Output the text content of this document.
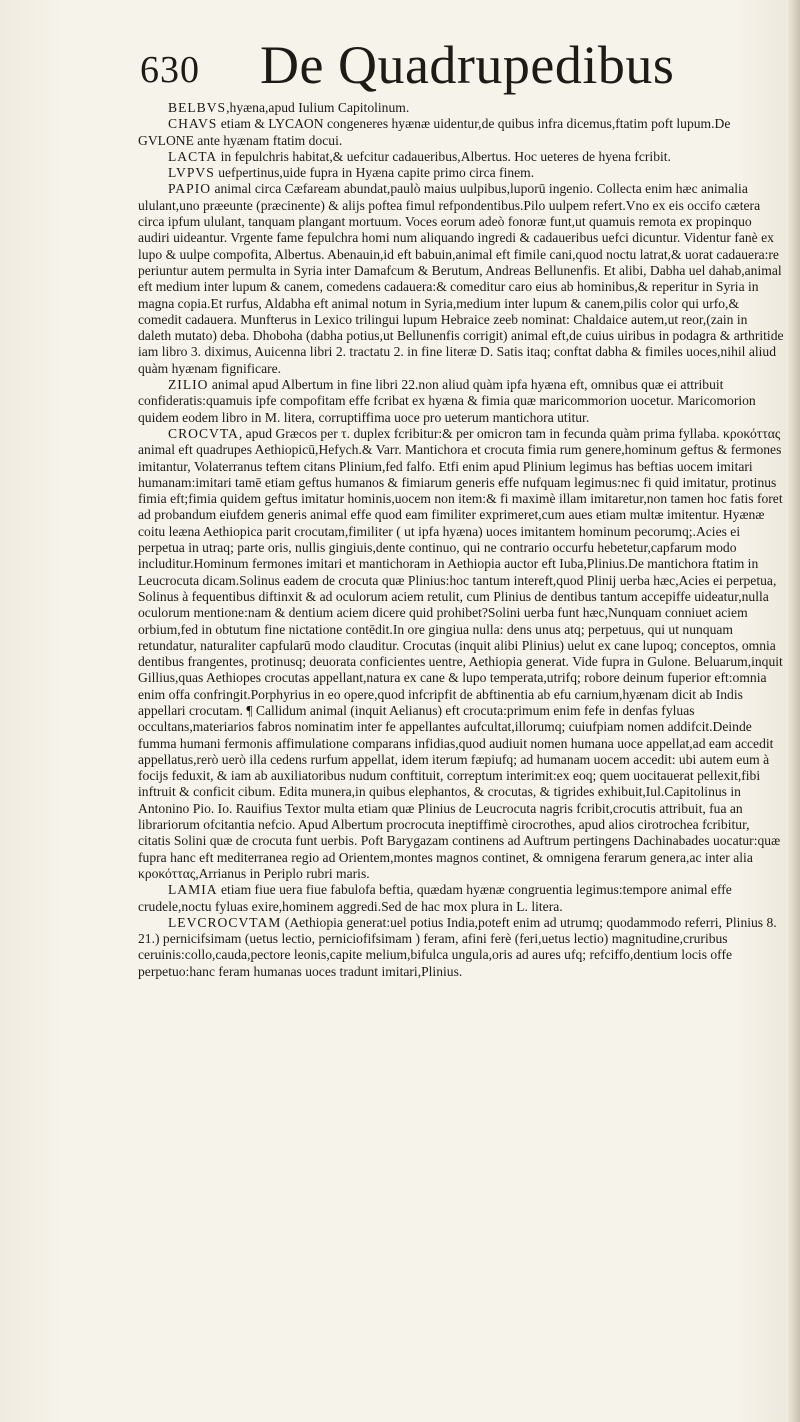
630 De Quadrupedibus

BELBVS,hyæna,apud Iulium Capitolinum.

CHAVS etiam & LYCAON congeneres hyænæ uidentur,de quibus infra dicemus,ftatim poft lupum.De GVLONE ante hyænam ftatim docui.

LACTA in fepulchris habitat,& uefcitur cadaueribus,Albertus. Hoc ueteres de hyena fcribit.

LVPVS uefpertinus,uide fupra in Hyæna capite primo circa finem.

PAPIO animal circa Cæfaream abundat,paulò maius uulpibus,luporū ingenio. Collecta enim hæc animalia ululant,uno præeunte (præcinente) & alijs poftea fimul refpondentibus.Pilo uulpem refert.Vno ex eis occifo cætera circa ipfum ululant, tanquam plangant mortuum. Voces eorum adeò fonoræ funt,ut quamuis remota ex propinquo audiri uideantur. Vrgente fame fepulchra homi num aliquando ingredi & cadaueribus uefci dicuntur. Videntur fanè ex lupo & uulpe compofita, Albertus. Abenauin,id eft babuin,animal eft fimile cani,quod noctu latrat,& uorat cadauera:re periuntur autem permulta in Syria inter Damafcum & Berutum, Andreas Bellunenfis. Et alibi, Dabha uel dahab,animal eft medium inter lupum & canem, comedens cadauera:& comeditur carо eius ab hominibus,& reperitur in Syria in magna copia.Et rurfus, Aldabha eft animal notum in Syria,medium inter lupum & canem,pilis color qui urfo,& comedit cadauera. Munfterus in Lexico trilingui lupum Hebraice zeeb nominat: Chaldaice autem,ut reor,(zain in daleth mutato) deba. Dhoboha (dabha potius,ut Bellunenfis corrigit) animal eft,de cuius uiribus in podagra & arthritide iam libro 3. diximus, Auicenna libri 2. tractatu 2. in fine literæ D. Satis itaq; conftat dabha & fimiles uoces,nihil aliud quàm hyænam fignificare.

ZILIO animal apud Albertum in fine libri 22.non aliud quàm ipfa hyæna eft, omnibus quæ ei attribuit confideratis:quamuis ipfe compofitam effe fcribat ex hyæna & fimia quæ maricommorion uocetur. Maricomorion quidem eodem libro in M. litera, corruptiffima uoce pro ueterum mantichora utitur.

CROCVTA, apud Græcos per τ. duplex fcribitur:& per omicron tam in fecunda quàm prima fyllaba. κροκόττας animal eft quadrupes Aethiopicū,Hefych.& Varr. Mantichora et crocuta fimia rum genere,hominum geftus & fermones imitantur, Volaterranus teftem citans Plinium,fed falfo. Etfi enim apud Plinium legimus has beftias uocem imitari humanam:imitari tamē etiam geftus humanos & fimiarum generis effe nufquam legimus:nec fi quid imitatur, protinus fimia eft;fimia quidem geftus imitatur hominis,uocem non item:& fi maximè illam imitaretur,non tamen hoc fatis foret ad probandum eiufdem generis animal effe quod eam fimiliter exprimeret,cum aues etiam multæ imitentur. Hyænæ coitu leæna Aethiopica parit crocutam,fimiliter ( ut ipfa hyæna) uoces imitantem hominum pecorumq;.Acies ei perpetua in utraq; parte oris, nullis gingiuis,dente continuo, qui ne contrario occurfu hebetetur,capfarum modo includitur.Hominum fermones imitari et mantichoram in Aethiopia auctor eft Iuba,Plinius.De mantichora ftatim in Leucrocuta dicam.Solinus eadem de crocuta quæ Plinius:hoc tantum intereft,quod Plinij uerba hæc,Acies ei perpetua, Solinus à fequentibus diftinxit & ad oculorum aciem retulit, cum Plinius de dentibus tantum accepiffe uideatur,nulla oculorum mentione:nam & dentium aciem dicere quid prohibet?Solini uerba funt hæc,Nunquam conniuet aciem orbium,fed in obtutum fine nictatione contēdit.In ore gingiua nulla: dens unus atq; perpetuus, qui ut nunquam retundatur, naturaliter capfularū modo clauditur. Crocutas (inquit alibi Plinius) uelut ex cane lupoq; conceptos, omnia dentibus frangentes, protinusq; deuorata conficientes uentre, Aethiopia generat. Vide fupra in Gulone. Beluarum,inquit Gillius,quas Aethiopes crocutas appellant,natura ex cane & lupo temperata,utrifq; robore deinum fuperior eft:omnia enim offa confringit.Porphyrius in eo opere,quod infcripfit de abftinentia ab efu carnium,hyænam dicit ab Indis appellari crocutam. ¶ Callidum animal (inquit Aelianus) eft crocuta:primum enim fefe in denfas fyluas occultans,materiarios fabros nominatim inter fe appellantes aufcultat,illorumq; cuiufpiam nomen addifcit.Deinde fumma humani fermonis affimulatione comparans infidias,quod audiuit nomen humana uoce appellat,ad eam accedit appellatus,rerò uerò illa cedens rurfum appellat, idem iterum fæpiufq; ad humanam uocem accedit: ubi autem eum à focijs feduxit, & iam ab auxiliatoribus nudum conftituit, correptum interimit:ex eoq; quem uocitauerat pellexit,fibi inftruit & conficit cibum. Edita munera,in quibus elephantos, & crocutas, & tigrides exhibuit,Iul.Capitolinus in Antonino Pio. Io. Rauifius Textor multa etiam quæ Plinius de Leucrocuta nagris fcribit,crocutis attribuit, fua an librariorum ofcitantia nefcio. Apud Albertum procrocuta ineptiffimè cirocrothes, apud alios cirotrochea fcribitur, citatis Solini quæ de crocuta funt uerbis. Poft Barygazam continens ad Auftrum pertingens Dachinabades uocatur:quæ fupra hanc eft mediterranea regio ad Orientem,montes magnos continet, & omnigena ferarum genera,ac inter alia κροκόττας,Arrianus in Periplo rubri maris.

LAMIA etiam fiue uera fiue fabulofa beftia, quædam hyænæ congruentia legimus:tempore animal effe crudele,noctu fyluas exire,hominem aggredi.Sed de hac mox plura in L. litera.

LEVCROCVTAM (Aethiopia generat:uel potius India,poteft enim ad utrumq; quodammodo referri, Plinius 8. 21.) pernicifsimam (uetus lectio, perniciofifsimam ) feram, afini ferè (feri,uetus lectio) magnitudine,cruribus ceruinis:collo,cauda,pectore leonis,capite melium,bifulca ungula,oris ad aures ufq; refciffo,dentium locis offe perpetuo:hanc feram humanas uoces tradunt imitari,Plinius.
